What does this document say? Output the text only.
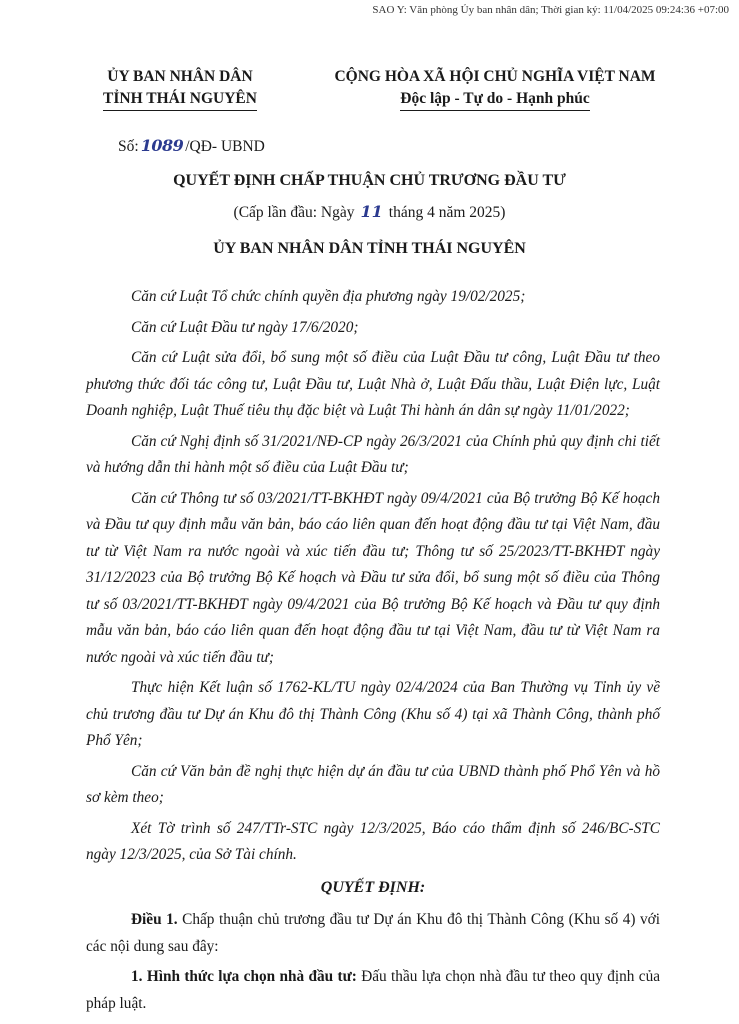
SAO Y: Văn phòng Ủy ban nhân dân; Thời gian ký: 11/04/2025 09:24:36 +07:00
ỦY BAN NHÂN DÂN
TỈNH THÁI NGUYÊN
CỘNG HÒA XÃ HỘI CHỦ NGHĨA VIỆT NAM
Độc lập - Tự do - Hạnh phúc
Số: 1089 /QĐ- UBND
QUYẾT ĐỊNH CHẤP THUẬN CHỦ TRƯƠNG ĐẦU TƯ
(Cấp lần đầu: Ngày 11 tháng 4 năm 2025)
ỦY BAN NHÂN DÂN TỈNH THÁI NGUYÊN

Căn cứ Luật Tổ chức chính quyền địa phương ngày 19/02/2025;

Căn cứ Luật Đầu tư ngày 17/6/2020;

Căn cứ Luật sửa đổi, bổ sung một số điều của Luật Đầu tư công, Luật Đầu tư theo phương thức đối tác công tư, Luật Đầu tư, Luật Nhà ở, Luật Đấu thầu, Luật Điện lực, Luật Doanh nghiệp, Luật Thuế tiêu thụ đặc biệt và Luật Thi hành án dân sự ngày 11/01/2022;

Căn cứ Nghị định số 31/2021/NĐ-CP ngày 26/3/2021 của Chính phủ quy định chi tiết và hướng dẫn thi hành một số điều của Luật Đầu tư;

Căn cứ Thông tư số 03/2021/TT-BKHĐT ngày 09/4/2021 của Bộ trưởng Bộ Kế hoạch và Đầu tư quy định mẫu văn bản, báo cáo liên quan đến hoạt động đầu tư tại Việt Nam, đầu tư từ Việt Nam ra nước ngoài và xúc tiến đầu tư; Thông tư số 25/2023/TT-BKHĐT ngày 31/12/2023 của Bộ trưởng Bộ Kế hoạch và Đầu tư sửa đổi, bổ sung một số điều của Thông tư số 03/2021/TT-BKHĐT ngày 09/4/2021 của Bộ trưởng Bộ Kế hoạch và Đầu tư quy định mẫu văn bản, báo cáo liên quan đến hoạt động đầu tư tại Việt Nam, đầu tư từ Việt Nam ra nước ngoài và xúc tiến đầu tư;

Thực hiện Kết luận số 1762-KL/TU ngày 02/4/2024 của Ban Thường vụ Tỉnh ủy về chủ trương đầu tư Dự án Khu đô thị Thành Công (Khu số 4) tại xã Thành Công, thành phố Phổ Yên;

Căn cứ Văn bản đề nghị thực hiện dự án đầu tư của UBND thành phố Phổ Yên và hồ sơ kèm theo;

Xét Tờ trình số 247/TTr-STC ngày 12/3/2025, Báo cáo thẩm định số 246/BC-STC ngày 12/3/2025, của Sở Tài chính.

QUYẾT ĐỊNH:

Điều 1. Chấp thuận chủ trương đầu tư Dự án Khu đô thị Thành Công (Khu số 4) với các nội dung sau đây:

1. Hình thức lựa chọn nhà đầu tư: Đấu thầu lựa chọn nhà đầu tư theo quy định của pháp luật.
